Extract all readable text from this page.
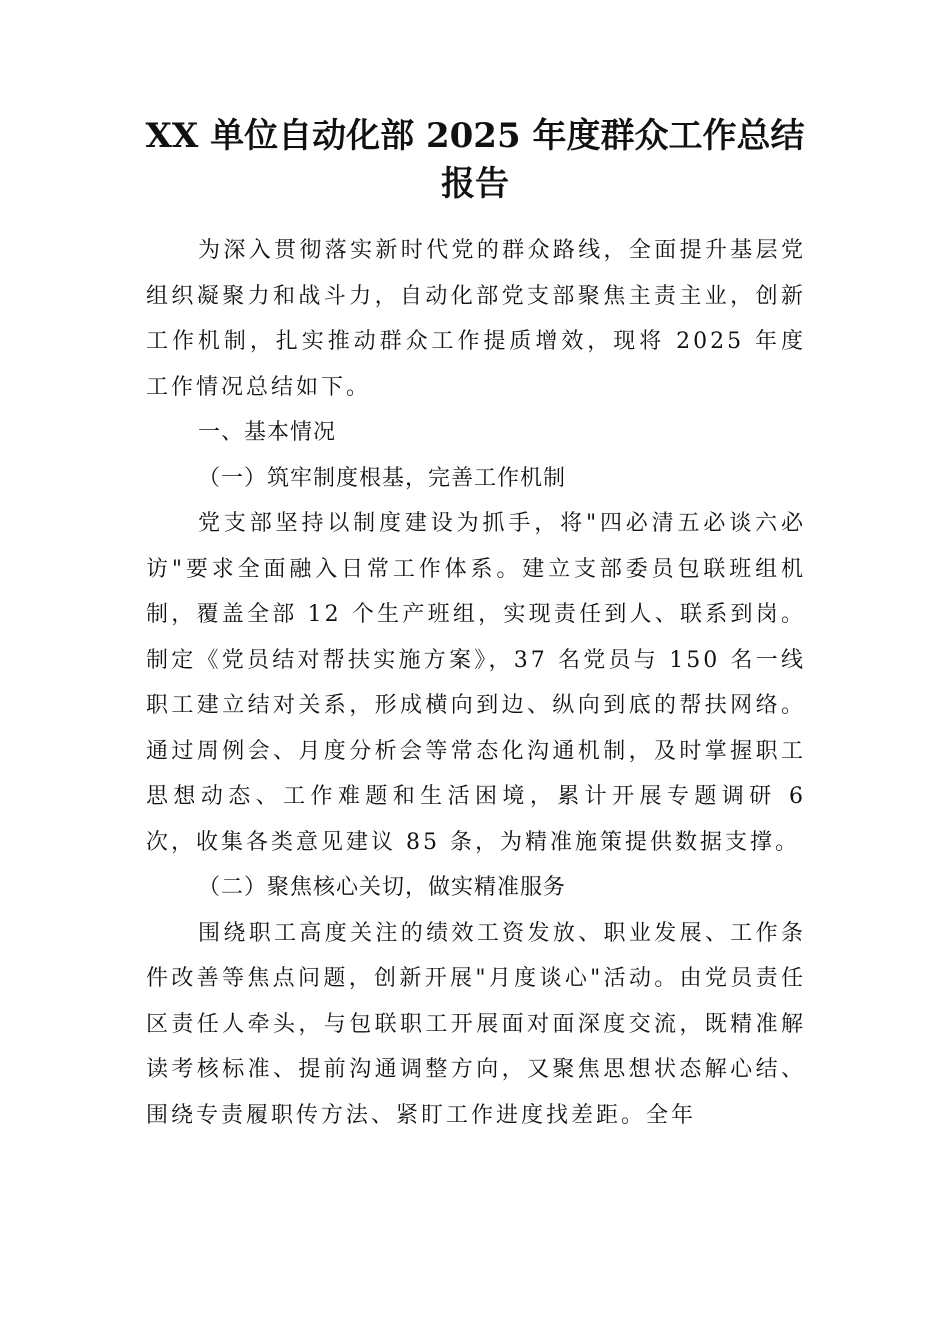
XX 单位自动化部 2025 年度群众工作总结
报告

为深入贯彻落实新时代党的群众路线，全面提升基层党组织凝聚力和战斗力，自动化部党支部聚焦主责主业，创新工作机制，扎实推动群众工作提质增效，现将 2025 年度工作情况总结如下。

一、基本情况

（一）筑牢制度根基，完善工作机制

党支部坚持以制度建设为抓手，将"四必清五必谈六必访"要求全面融入日常工作体系。建立支部委员包联班组机制，覆盖全部 12 个生产班组，实现责任到人、联系到岗。制定《党员结对帮扶实施方案》，37 名党员与 150 名一线职工建立结对关系，形成横向到边、纵向到底的帮扶网络。通过周例会、月度分析会等常态化沟通机制，及时掌握职工思想动态、工作难题和生活困境，累计开展专题调研 6 次，收集各类意见建议 85 条，为精准施策提供数据支撑。

（二）聚焦核心关切，做实精准服务

围绕职工高度关注的绩效工资发放、职业发展、工作条件改善等焦点问题，创新开展"月度谈心"活动。由党员责任区责任人牵头，与包联职工开展面对面深度交流，既精准解读考核标准、提前沟通调整方向，又聚焦思想状态解心结、围绕专责履职传方法、紧盯工作进度找差距。全年
